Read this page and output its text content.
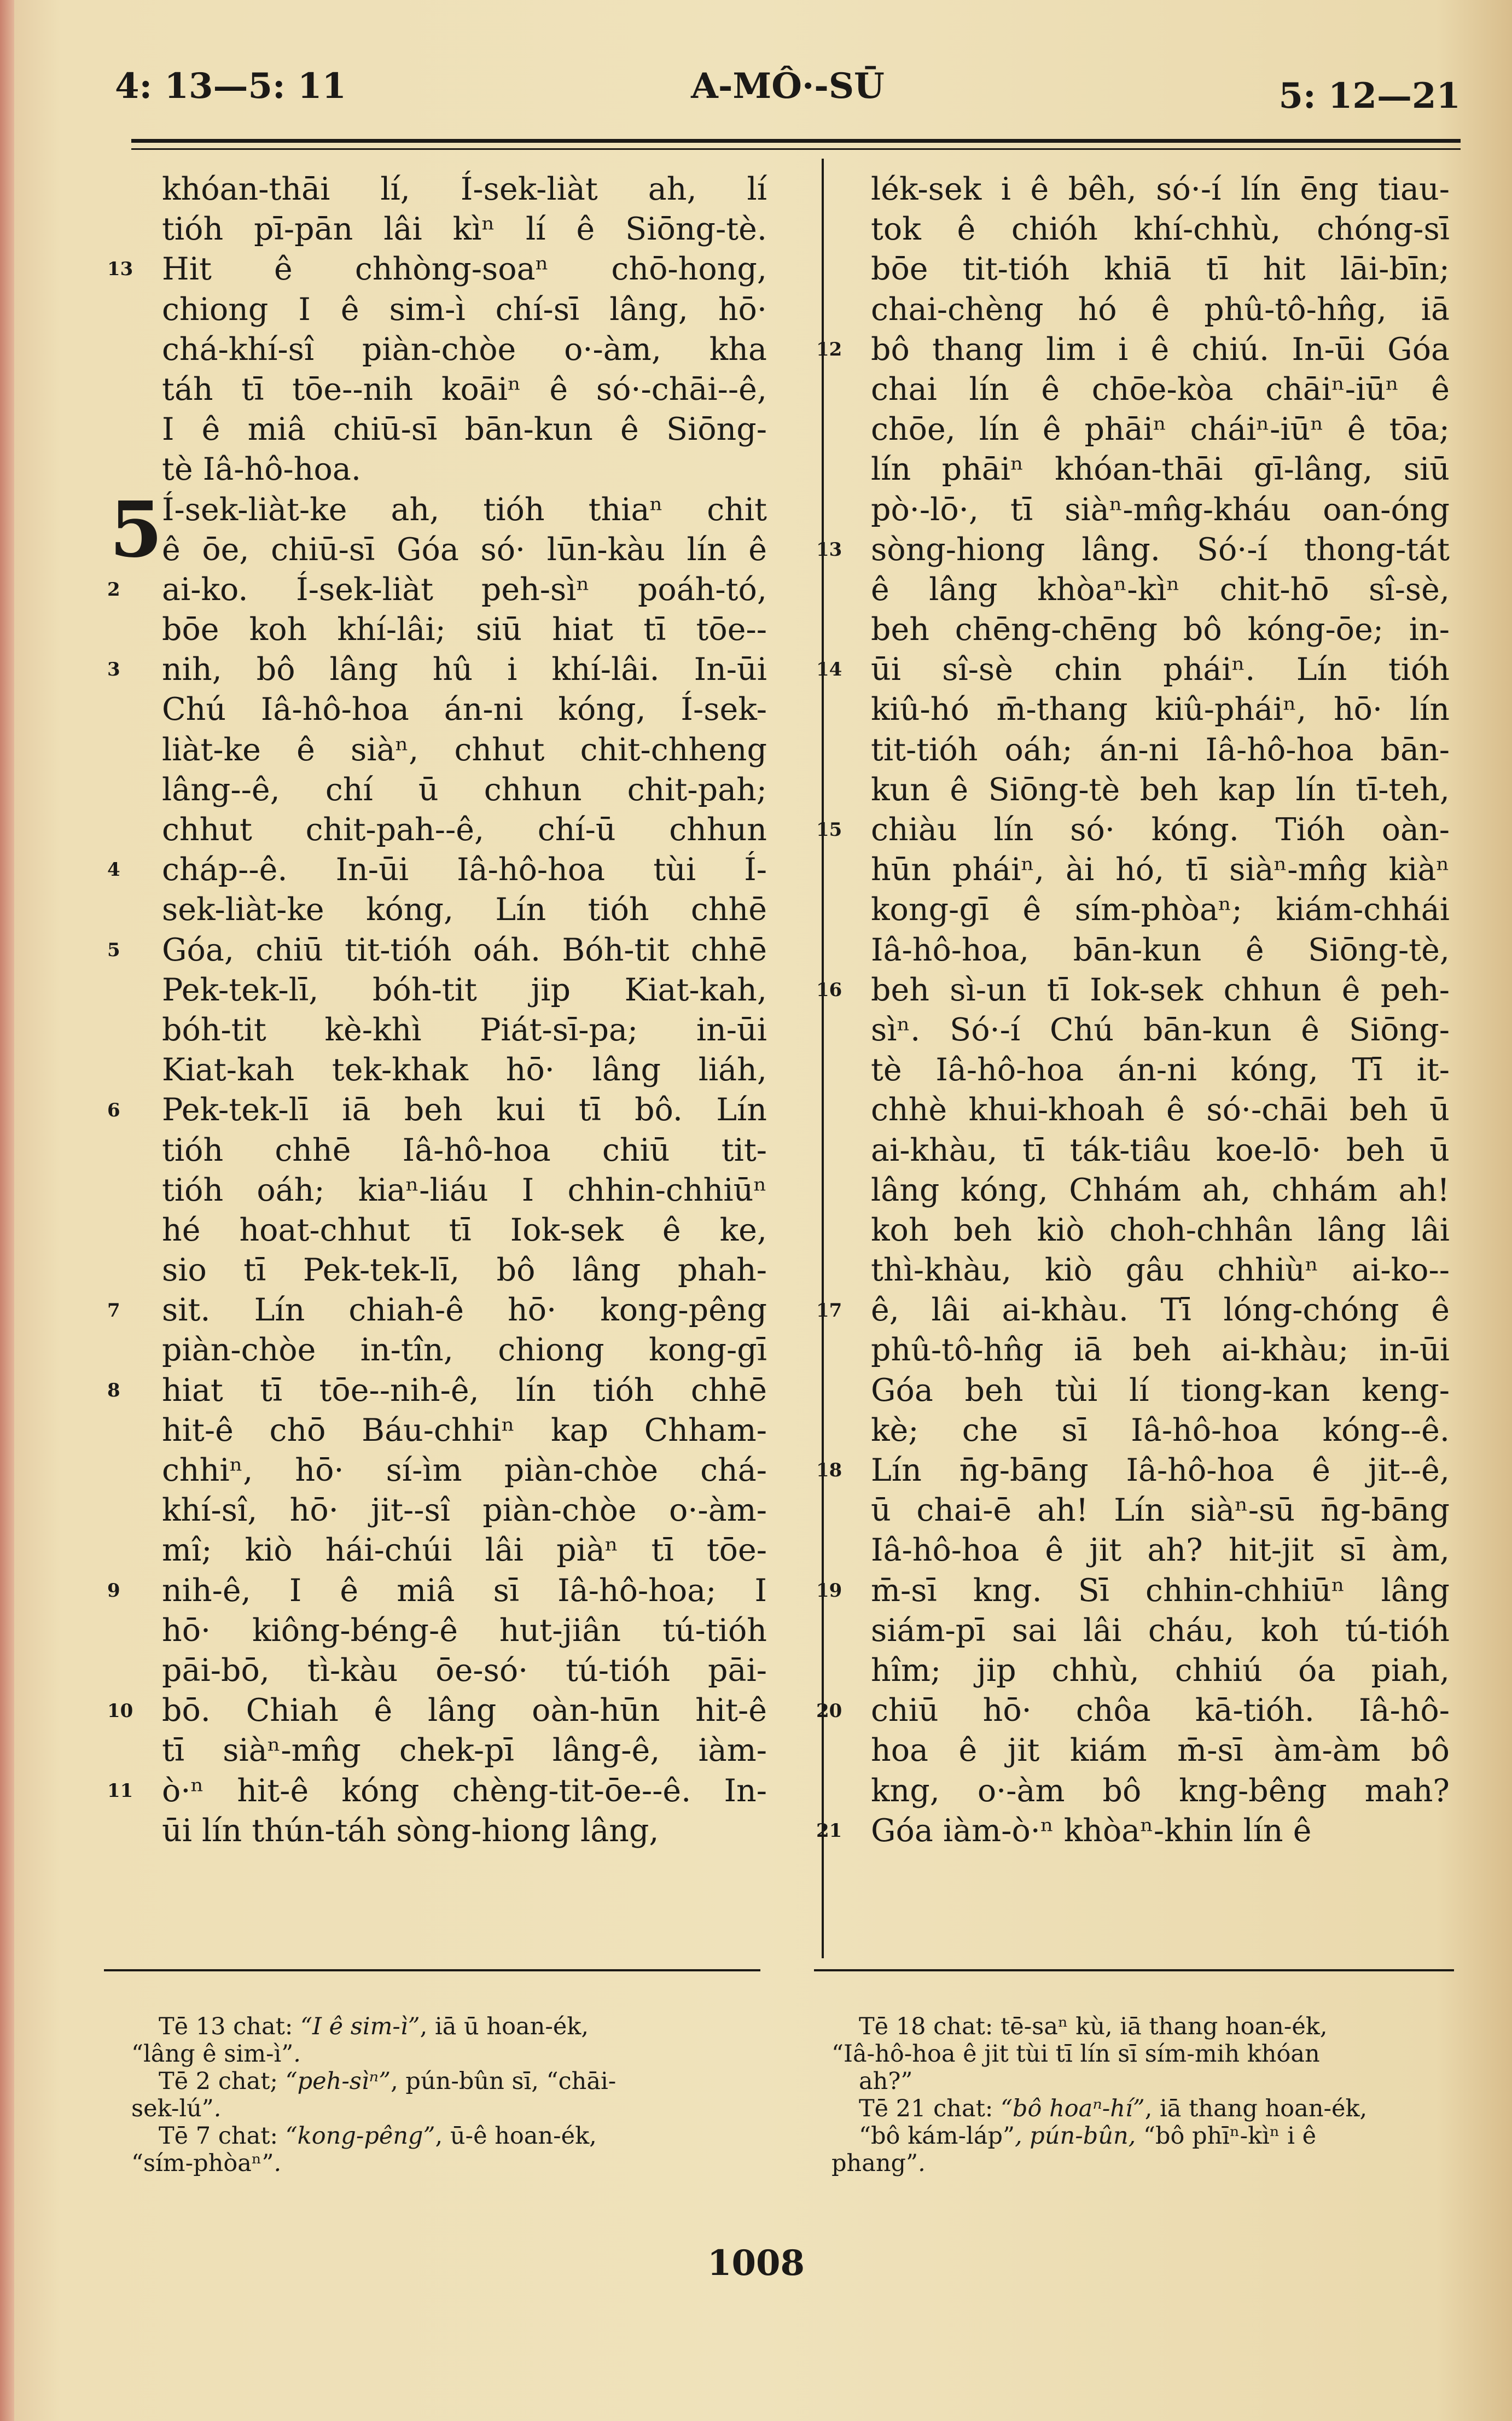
4: 13—5: 11	A-MÔ·-SŪ	5: 12—21
5
khóan-thāi lí, Í-sek-liàt ah, lí
tióh pī-pān lâi kìⁿ lí ê Siōng-tè.
Hit ê chhòng-soaⁿ chō-hong,
chiong I ê sim-ì chí-sī lâng, hō·
chá-khí-sî piàn-chòe o·-àm, kha
táh tī tōe--nih koāiⁿ ê só·-chāi--ê,
I ê miâ chiū-sī bān-kun ê Siōng-
tè Iâ-hô-hoa.
Í-sek-liàt-ke ah, tióh thiaⁿ chit
ê ōe, chiū-sī Góa só· lūn-kàu lín ê
ai-ko. Í-sek-liàt peh-sìⁿ poáh-tó,
bōe koh khí-lâi; siū hiat tī tōe--
nih, bô lâng hû i khí-lâi. In-ūi
Chú Iâ-hô-hoa án-ni kóng, Í-sek-
liàt-ke ê siàⁿ, chhut chit-chheng
lâng--ê, chí ū chhun chit-pah;
chhut chit-pah--ê, chí-ū chhun
cháp--ê. In-ūi Iâ-hô-hoa tùi Í-
sek-liàt-ke kóng, Lín tióh chhē
Góa, chiū tit-tióh oáh. Bóh-tit chhē
Pek-tek-lī, bóh-tit jip Kiat-kah,
bóh-tit kè-khì Piát-sī-pa; in-ūi
Kiat-kah tek-khak hō· lâng liáh,
Pek-tek-lī iā beh kui tī bô. Lín
tióh chhē Iâ-hô-hoa chiū tit-
tióh oáh; kiaⁿ-liáu I chhin-chhiūⁿ
hé hoat-chhut tī Iok-sek ê ke,
sio tī Pek-tek-lī, bô lâng phah-
sit. Lín chiah-ê hō· kong-pêng
piàn-chòe in-tîn, chiong kong-gī
hiat tī tōe--nih-ê, lín tióh chhē
hit-ê chō Báu-chhiⁿ kap Chham-
chhiⁿ, hō· sí-ìm piàn-chòe chá-
khí-sî, hō· jit--sî piàn-chòe o·-àm-
mî; kiò hái-chúi lâi piàⁿ tī tōe-
nih-ê, I ê miâ sī Iâ-hô-hoa; I
hō· kiông-béng-ê hut-jiân tú-tióh
pāi-bō, tì-kàu ōe-só· tú-tióh pāi-
bō. Chiah ê lâng oàn-hūn hit-ê
tī siàⁿ-mn̂g chek-pī lâng-ê, iàm-
ò·ⁿ hit-ê kóng chèng-tit-ōe--ê. In-
ūi lín thún-táh sòng-hiong lâng,
13
2
3
4
5
6
7
8
9
10
11
lék-sek i ê bêh, só·-í lín ēng tiau-
tok ê chióh khí-chhù, chóng-sī
bōe tit-tióh khiā tī hit lāi-bīn;
chai-chèng hó ê phû-tô-hn̂g, iā
bô thang lim i ê chiú. In-ūi Góa
chai lín ê chōe-kòa chāiⁿ-iūⁿ ê
chōe, lín ê phāiⁿ cháiⁿ-iūⁿ ê tōa;
lín phāiⁿ khóan-thāi gī-lâng, siū
pò·-lō·, tī siàⁿ-mn̂g-kháu oan-óng
sòng-hiong lâng. Só·-í thong-tát
ê lâng khòaⁿ-kìⁿ chit-hō sî-sè,
beh chēng-chēng bô kóng-ōe; in-
ūi sî-sè chin pháiⁿ. Lín tióh
kiû-hó m̄-thang kiû-pháiⁿ, hō· lín
tit-tióh oáh; án-ni Iâ-hô-hoa bān-
kun ê Siōng-tè beh kap lín tī-teh,
chiàu lín só· kóng. Tióh oàn-
hūn pháiⁿ, ài hó, tī siàⁿ-mn̂g kiàⁿ
kong-gī ê sím-phòaⁿ; kiám-chhái
Iâ-hô-hoa, bān-kun ê Siōng-tè,
beh sì-un tī Iok-sek chhun ê peh-
sìⁿ. Só·-í Chú bān-kun ê Siōng-
tè Iâ-hô-hoa án-ni kóng, Tī it-
chhè khui-khoah ê só·-chāi beh ū
ai-khàu, tī ták-tiâu koe-lō· beh ū
lâng kóng, Chhám ah, chhám ah!
koh beh kiò choh-chhân lâng lâi
thì-khàu, kiò gâu chhiùⁿ ai-ko--
ê, lâi ai-khàu. Tī lóng-chóng ê
phû-tô-hn̂g iā beh ai-khàu; in-ūi
Góa beh tùi lí tiong-kan keng-
kè; che sī Iâ-hô-hoa kóng--ê.
Lín n̄g-bāng Iâ-hô-hoa ê jit--ê,
ū chai-ē ah! Lín siàⁿ-sū n̄g-bāng
Iâ-hô-hoa ê jit ah? hit-jit sī àm,
m̄-sī kng. Sī chhin-chhiūⁿ lâng
siám-pī sai lâi cháu, koh tú-tióh
hîm; jip chhù, chhiú óa piah,
chiū hō· chôa kā-tióh. Iâ-hô-
hoa ê jit kiám m̄-sī àm-àm bô
kng, o·-àm bô kng-bêng mah?
Góa iàm-ò·ⁿ khòaⁿ-khin lín ê
12
13
14
15
16
17
18
19
20
21
Tē 13 chat: “I ê sim-ì”, iā ū hoan-ék,
“lâng ê sim-ì”.
Tē 2 chat; “peh-sìⁿ”, pún-bûn sī, “chāi-
sek-lú”.
Tē 7 chat: “kong-pêng”, ū-ê hoan-ék,
“sím-phòaⁿ”.
Tē 18 chat: tē-saⁿ kù, iā thang hoan-ék,
“Iâ-hô-hoa ê jit tùi tī lín sī sím-mih khóan
ah?”
Tē 21 chat: “bô hoaⁿ-hí”, iā thang hoan-ék,
“bô kám-láp”, pún-bûn, “bô phīⁿ-kìⁿ i ê
phang”.
1008
